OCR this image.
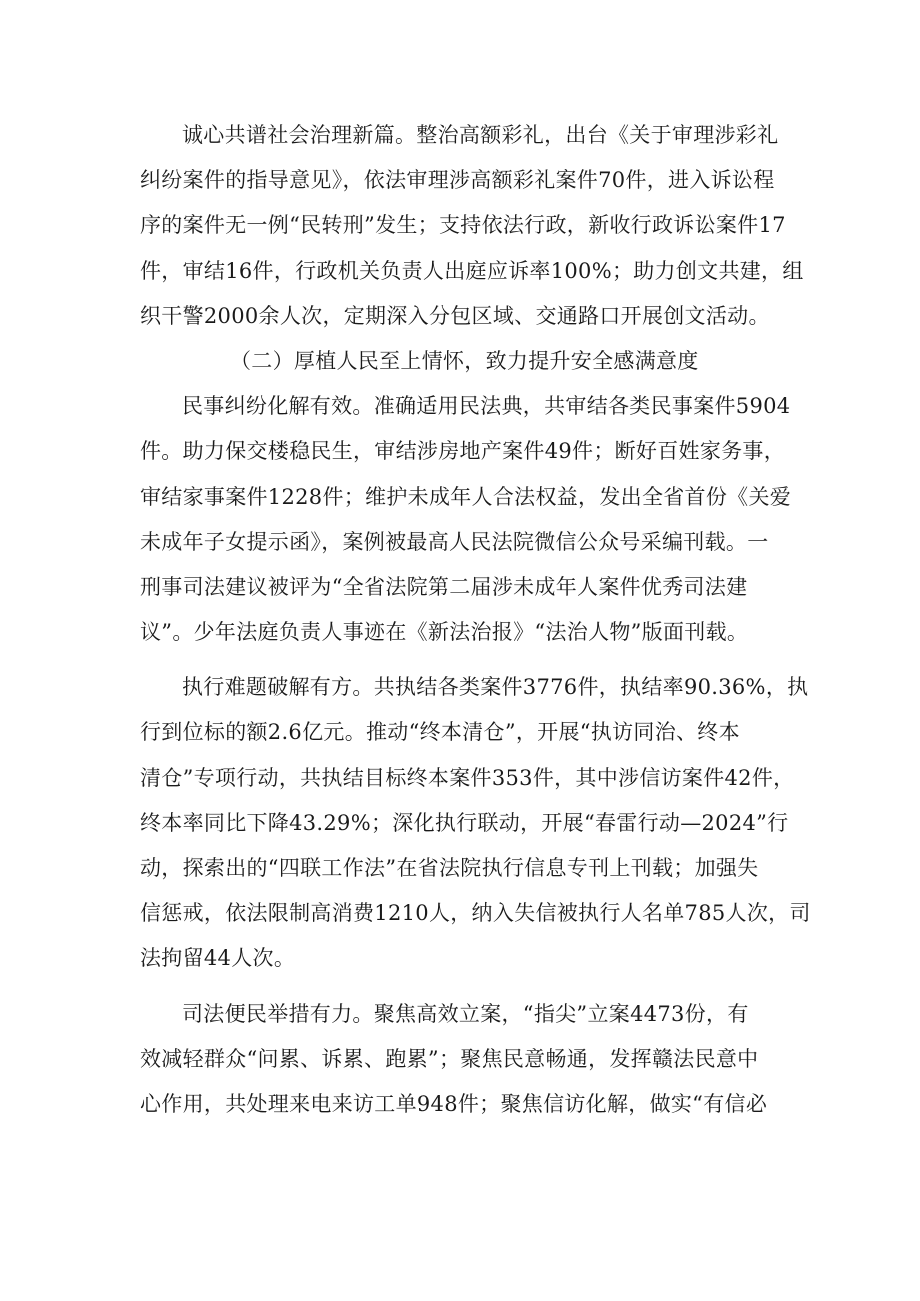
诚心共谱社会治理新篇。整治高额彩礼，出台《关于审理涉彩礼
纠纷案件的指导意见》，依法审理涉高额彩礼案件70件，进入诉讼程
序的案件无一例“民转刑”发生；支持依法行政，新收行政诉讼案件17
件，审结16件，行政机关负责人出庭应诉率100%；助力创文共建，组
织干警2000余人次，定期深入分包区域、交通路口开展创文活动。
（二）厚植人民至上情怀，致力提升安全感满意度
民事纠纷化解有效。准确适用民法典，共审结各类民事案件5904
件。助力保交楼稳民生，审结涉房地产案件49件；断好百姓家务事，
审结家事案件1228件；维护未成年人合法权益，发出全省首份《关爱
未成年子女提示函》，案例被最高人民法院微信公众号采编刊载。一
刑事司法建议被评为“全省法院第二届涉未成年人案件优秀司法建
议”。少年法庭负责人事迹在《新法治报》“法治人物”版面刊载。
执行难题破解有方。共执结各类案件3776件，执结率90.36%，执
行到位标的额2.6亿元。推动“终本清仓”，开展“执访同治、终本
清仓”专项行动，共执结目标终本案件353件，其中涉信访案件42件，
终本率同比下降43.29%；深化执行联动，开展“春雷行动—2024”行
动，探索出的“四联工作法”在省法院执行信息专刊上刊载；加强失
信惩戒，依法限制高消费1210人，纳入失信被执行人名单785人次，司
法拘留44人次。
司法便民举措有力。聚焦高效立案，“指尖”立案4473份，有
效减轻群众“问累、诉累、跑累”；聚焦民意畅通，发挥赣法民意中
心作用，共处理来电来访工单948件；聚焦信访化解，做实“有信必
